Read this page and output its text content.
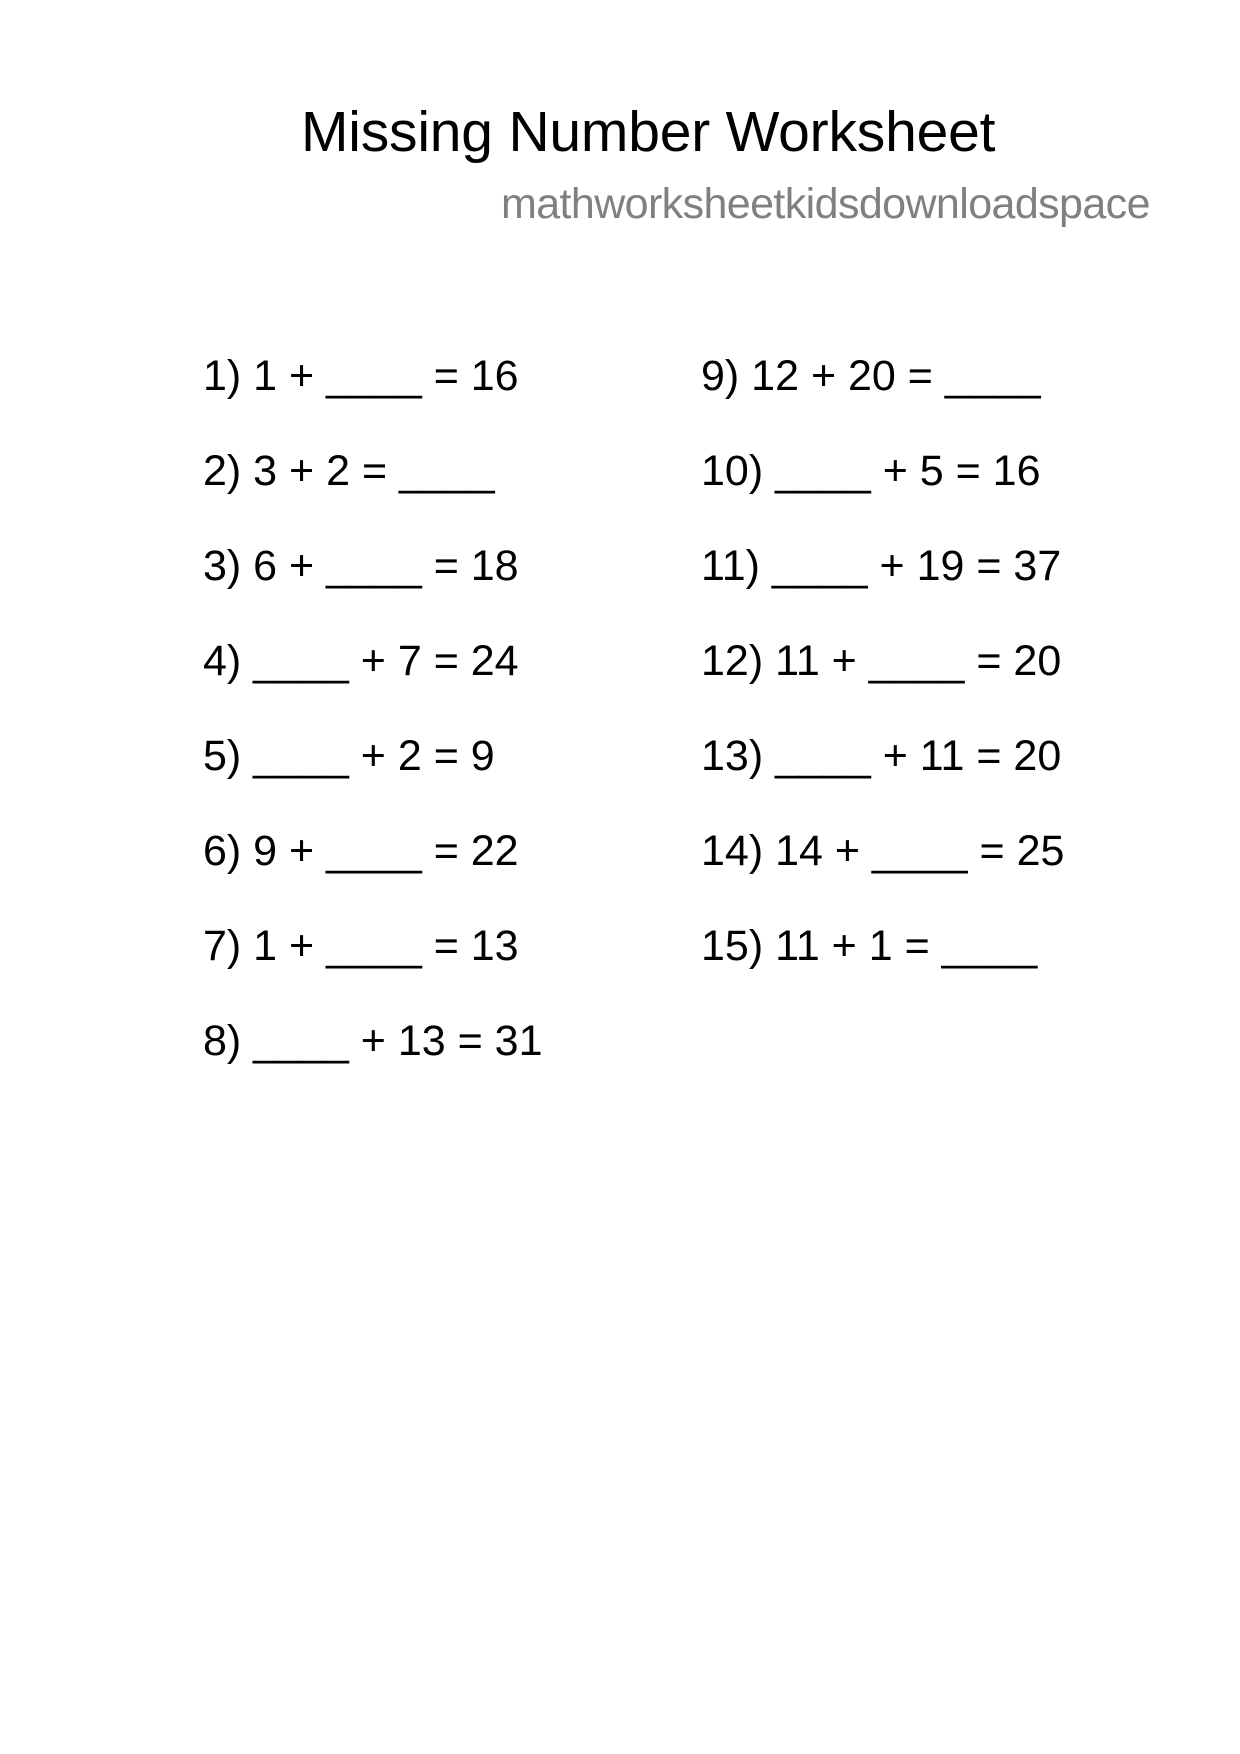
Missing Number Worksheet
mathworksheetkidsdownloadspace
1) 1 + ____ = 16
2) 3 + 2 = ____
3) 6 + ____ = 18
4) ____ + 7 = 24
5) ____ + 2 = 9
6) 9 + ____ = 22
7) 1 + ____ = 13
8) ____ + 13 = 31
9) 12 + 20 = ____
10) ____ + 5 = 16
11) ____ + 19 = 37
12) 11 + ____ = 20
13) ____ + 11 = 20
14) 14 + ____ = 25
15) 11 + 1 = ____
